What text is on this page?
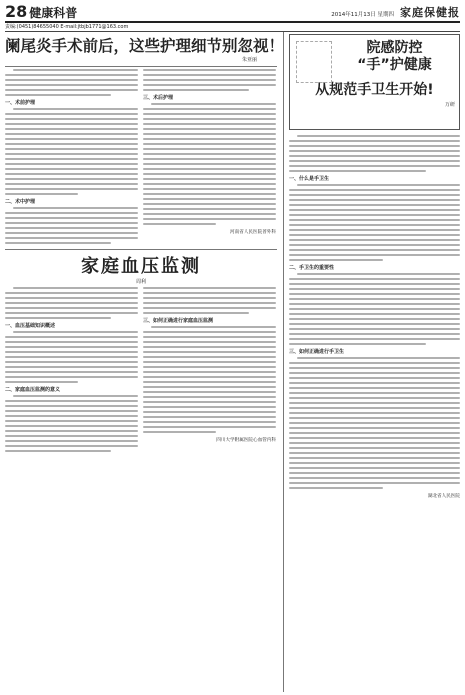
28 健康科普	2014年11月13日 星期四 家庭保健报
责编:(0451)84655040 E-mail:jtbjb1771@163.com
阑尾炎手术前后，这些护理细节别忽视！
朱亚丽
一、术前护理
二、术中护理
三、术后护理
河南省人民医院普外科
家庭血压监测
周利
一、血压基础知识概述
二、家庭血压监测的意义
三、如何正确进行家庭血压监测
四川大学附属医院心血管内科
院感防控
“手”护健康
从规范手卫生开始!
万研
一、什么是手卫生
二、手卫生的重要性
三、如何正确进行手卫生
湖北省人民医院
